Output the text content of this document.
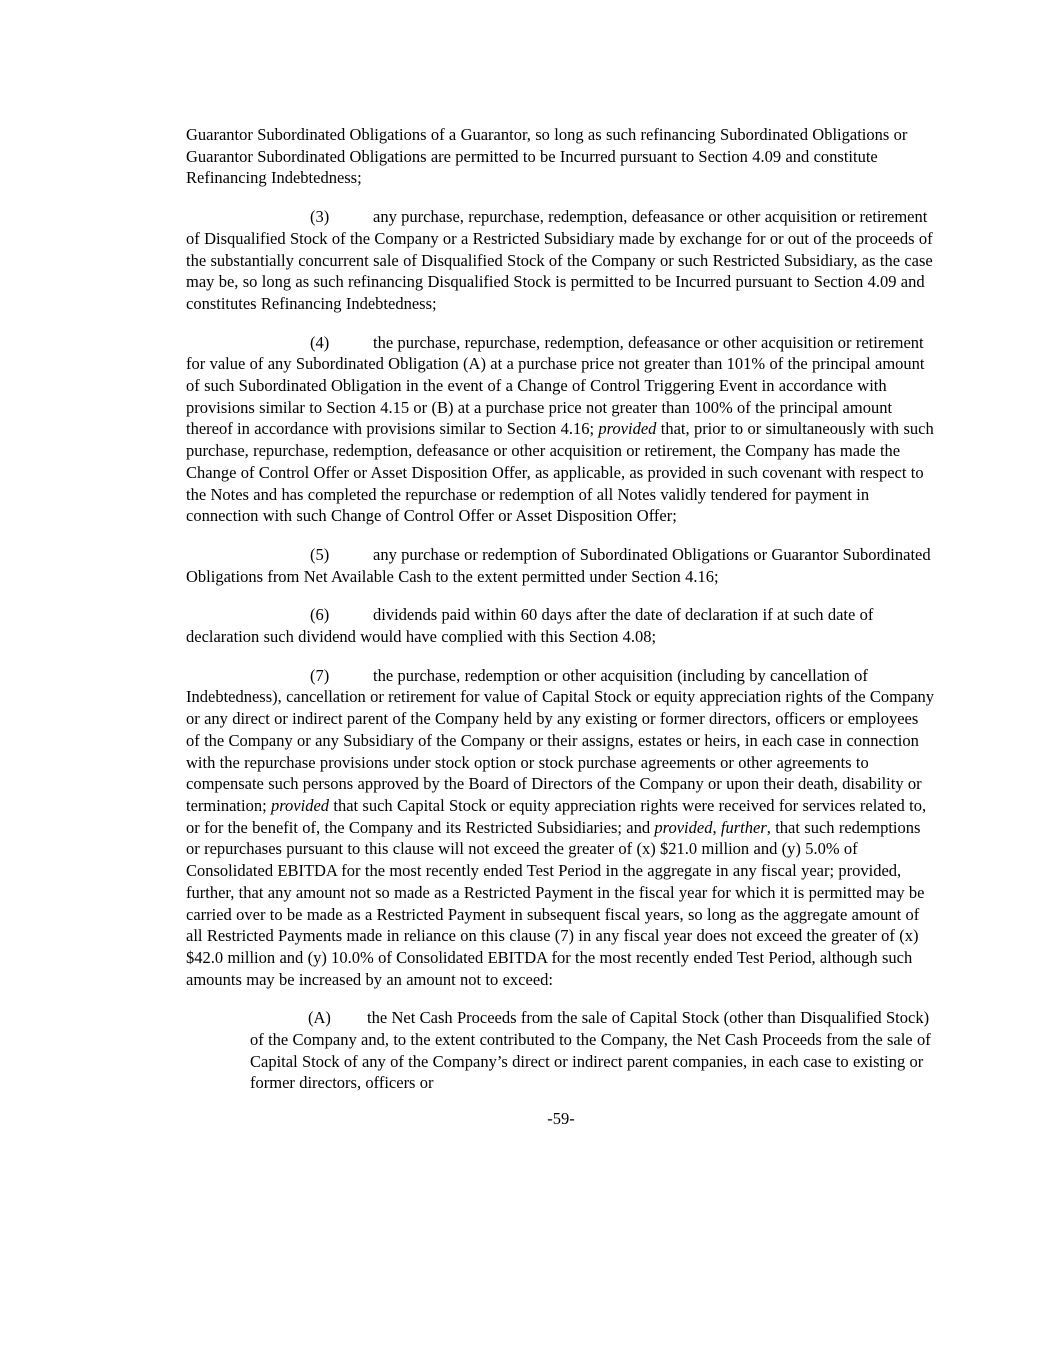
Guarantor Subordinated Obligations of a Guarantor, so long as such refinancing Subordinated Obligations or Guarantor Subordinated Obligations are permitted to be Incurred pursuant to Section 4.09 and constitute Refinancing Indebtedness;

(3)	any purchase, repurchase, redemption, defeasance or other acquisition or retirement of Disqualified Stock of the Company or a Restricted Subsidiary made by exchange for or out of the proceeds of the substantially concurrent sale of Disqualified Stock of the Company or such Restricted Subsidiary, as the case may be, so long as such refinancing Disqualified Stock is permitted to be Incurred pursuant to Section 4.09 and constitutes Refinancing Indebtedness;

(4)	the purchase, repurchase, redemption, defeasance or other acquisition or retirement for value of any Subordinated Obligation (A) at a purchase price not greater than 101% of the principal amount of such Subordinated Obligation in the event of a Change of Control Triggering Event in accordance with provisions similar to Section 4.15 or (B) at a purchase price not greater than 100% of the principal amount thereof in accordance with provisions similar to Section 4.16; provided that, prior to or simultaneously with such purchase, repurchase, redemption, defeasance or other acquisition or retirement, the Company has made the Change of Control Offer or Asset Disposition Offer, as applicable, as provided in such covenant with respect to the Notes and has completed the repurchase or redemption of all Notes validly tendered for payment in connection with such Change of Control Offer or Asset Disposition Offer;

(5)	any purchase or redemption of Subordinated Obligations or Guarantor Subordinated Obligations from Net Available Cash to the extent permitted under Section 4.16;

(6)	dividends paid within 60 days after the date of declaration if at such date of declaration such dividend would have complied with this Section 4.08;

(7)	the purchase, redemption or other acquisition (including by cancellation of Indebtedness), cancellation or retirement for value of Capital Stock or equity appreciation rights of the Company or any direct or indirect parent of the Company held by any existing or former directors, officers or employees of the Company or any Subsidiary of the Company or their assigns, estates or heirs, in each case in connection with the repurchase provisions under stock option or stock purchase agreements or other agreements to compensate such persons approved by the Board of Directors of the Company or upon their death, disability or termination; provided that such Capital Stock or equity appreciation rights were received for services related to, or for the benefit of, the Company and its Restricted Subsidiaries; and provided, further, that such redemptions or repurchases pursuant to this clause will not exceed the greater of (x) $21.0 million and (y) 5.0% of Consolidated EBITDA for the most recently ended Test Period in the aggregate in any fiscal year; provided, further, that any amount not so made as a Restricted Payment in the fiscal year for which it is permitted may be carried over to be made as a Restricted Payment in subsequent fiscal years, so long as the aggregate amount of all Restricted Payments made in reliance on this clause (7) in any fiscal year does not exceed the greater of (x) $42.0 million and (y) 10.0% of Consolidated EBITDA for the most recently ended Test Period, although such amounts may be increased by an amount not to exceed:

(A) the Net Cash Proceeds from the sale of Capital Stock (other than Disqualified Stock) of the Company and, to the extent contributed to the Company, the Net Cash Proceeds from the sale of Capital Stock of any of the Company’s direct or indirect parent companies, in each case to existing or former directors, officers or

-59-
